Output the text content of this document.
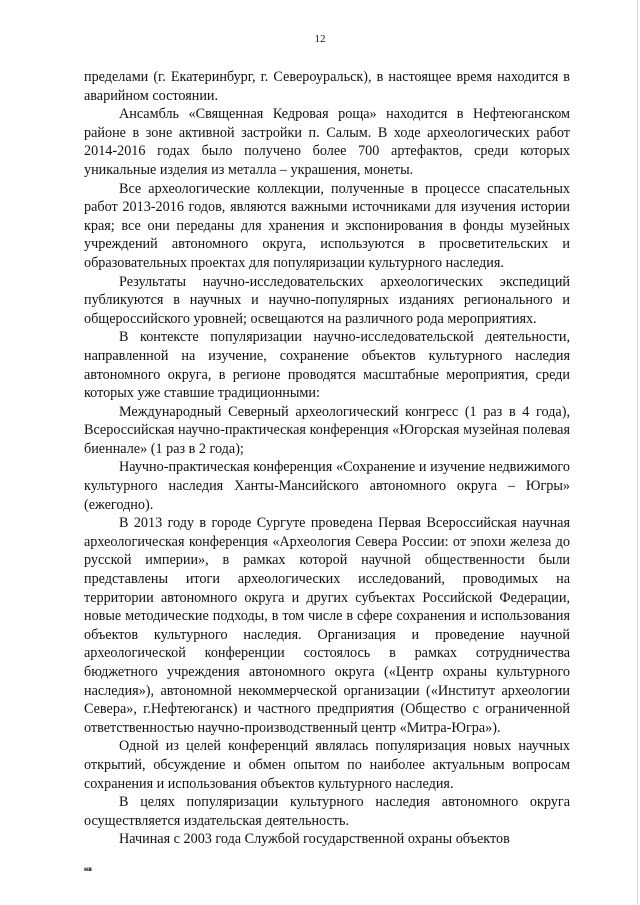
12

пределами (г. Екатеринбург, г. Североуральск), в настоящее время находится в аварийном состоянии.

Ансамбль «Священная Кедровая роща» находится в Нефтеюганском районе в зоне активной застройки п. Салым. В ходе археологических работ 2014-2016 годах было получено более 700 артефактов, среди которых уникальные изделия из металла – украшения, монеты.

Все археологические коллекции, полученные в процессе спасательных работ 2013-2016 годов, являются важными источниками для изучения истории края; все они переданы для хранения и экспонирования в фонды музейных учреждений автономного округа, используются в просветительских и образовательных проектах для популяризации культурного наследия.

Результаты научно-исследовательских археологических экспедиций публикуются в научных и научно-популярных изданиях регионального и общероссийского уровней; освещаются на различного рода мероприятиях.

В контексте популяризации научно-исследовательской деятельности, направленной на изучение, сохранение объектов культурного наследия автономного округа, в регионе проводятся масштабные мероприятия, среди которых уже ставшие традиционными:

Международный Северный археологический конгресс (1 раз в 4 года), Всероссийская научно-практическая конференция «Югорская музейная полевая биеннале» (1 раз в 2 года);

Научно-практическая конференция «Сохранение и изучение недвижимого культурного наследия Ханты-Мансийского автономного округа – Югры» (ежегодно).

В 2013 году в городе Сургуте проведена Первая Всероссийская научная археологическая конференция «Археология Севера России: от эпохи железа до русской империи», в рамках которой научной общественности были представлены итоги археологических исследований, проводимых на территории автономного округа и других субъектах Российской Федерации, новые методические подходы, в том числе в сфере сохранения и использования объектов культурного наследия. Организация и проведение научной археологической конференции состоялось в рамках сотрудничества бюджетного учреждения автономного округа («Центр охраны культурного наследия»), автономной некоммерческой организации («Институт археологии Севера», г.Нефтеюганск) и частного предприятия (Общество с ограниченной ответственностью научно-производственный центр «Митра-Югра»).

Одной из целей конференций являлась популяризация новых научных открытий, обсуждение и обмен опытом по наиболее актуальным вопросам сохранения и использования объектов культурного наследия.

В целях популяризации культурного наследия автономного округа осуществляется издательская деятельность.

Начиная с 2003 года Службой государственной охраны объектов

нв
